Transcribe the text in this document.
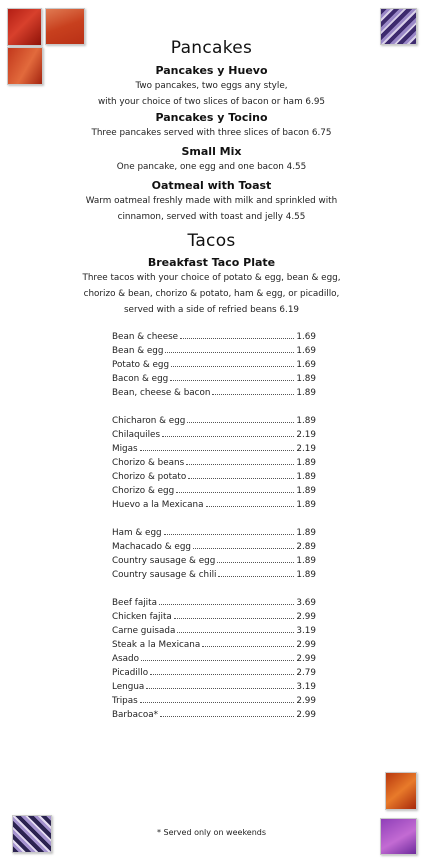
Pancakes
Pancakes y Huevo
Two pancakes, two eggs any style,
with your choice of two slices of bacon or ham 6.95
Pancakes y Tocino
Three pancakes served with three slices of bacon 6.75
Small Mix
One pancake, one egg and one bacon 4.55
Oatmeal with Toast
Warm oatmeal freshly made with milk and sprinkled with
cinnamon, served with toast and jelly 4.55
Tacos
Breakfast Taco Plate
Three tacos with your choice of potato & egg, bean & egg,
chorizo & bean, chorizo & potato, ham & egg, or picadillo,
served with a side of refried beans 6.19
Bean & cheese	1.69
Bean & egg	1.69
Potato & egg	1.69
Bacon & egg	1.89
Bean, cheese & bacon	1.89
Chicharon & egg	1.89
Chilaquiles	2.19
Migas	2.19
Chorizo & beans	1.89
Chorizo & potato	1.89
Chorizo & egg	1.89
Huevo a la Mexicana	1.89
Ham & egg	1.89
Machacado & egg	2.89
Country sausage & egg	1.89
Country sausage & chili	1.89
Beef fajita	3.69
Chicken fajita	2.99
Carne guisada	3.19
Steak a la Mexicana	2.99
Asado	2.99
Picadillo	2.79
Lengua	3.19
Tripas	2.99
Barbacoa*	2.99
* Served only on weekends
